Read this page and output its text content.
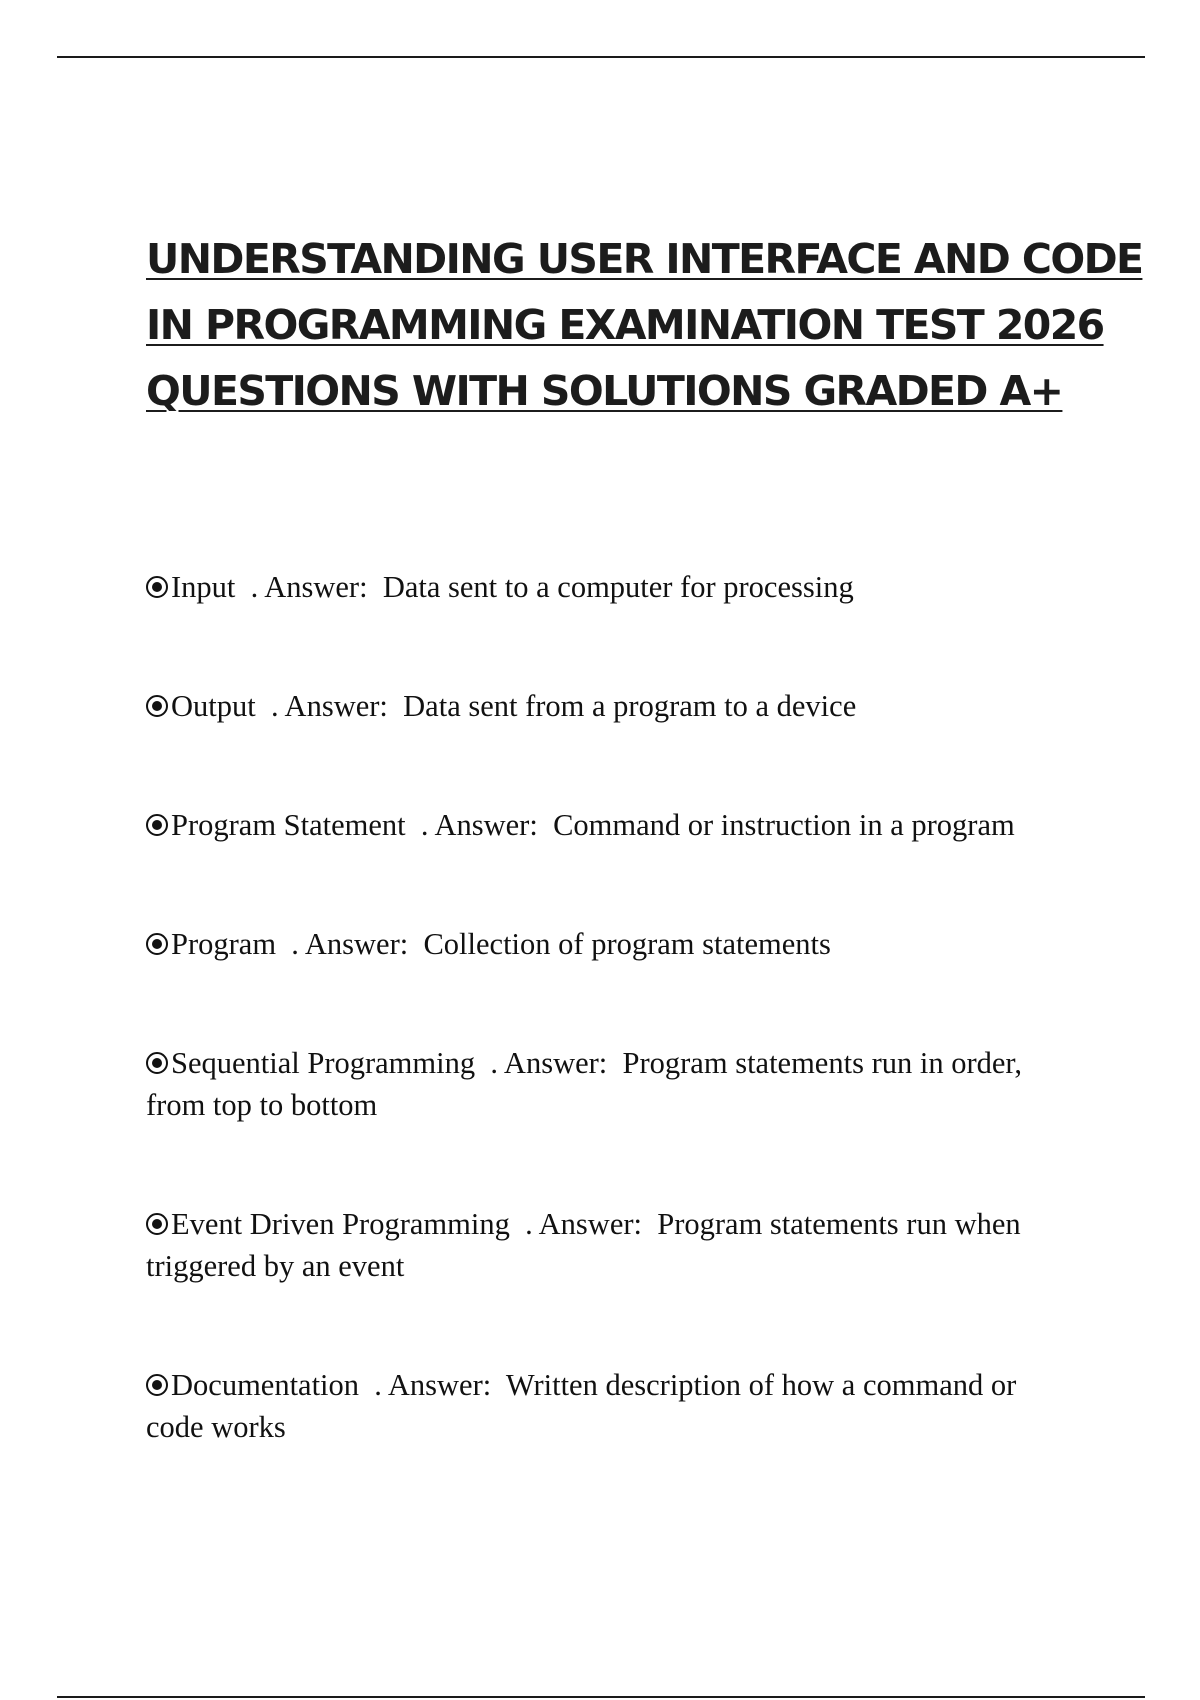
UNDERSTANDING USER INTERFACE AND CODE
IN PROGRAMMING EXAMINATION TEST 2026
QUESTIONS WITH SOLUTIONS GRADED A+
Input  . Answer:  Data sent to a computer for processing
Output  . Answer:  Data sent from a program to a device
Program Statement  . Answer:  Command or instruction in a program
Program  . Answer:  Collection of program statements
Sequential Programming  . Answer:  Program statements run in order, from top to bottom
Event Driven Programming  . Answer:  Program statements run when triggered by an event
Documentation  . Answer:  Written description of how a command or code works
